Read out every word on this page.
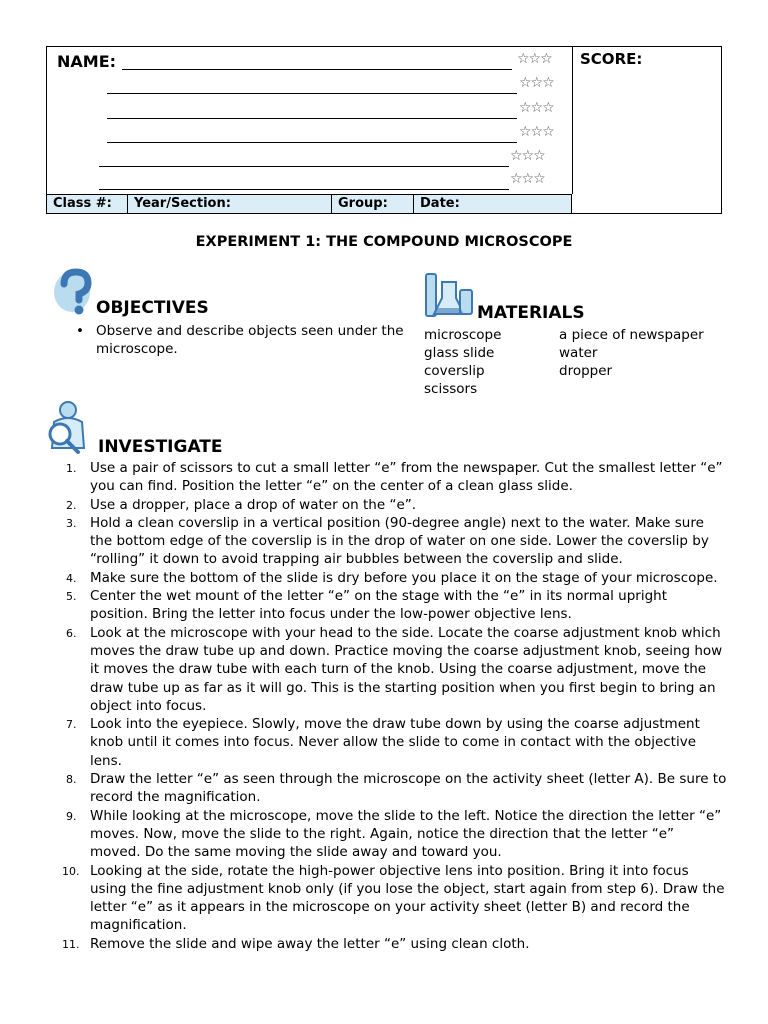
NAME:	☆☆☆
☆☆☆
☆☆☆
☆☆☆
☆☆☆
☆☆☆
Class #:	Year/Section:	Group:	Date:
SCORE:
EXPERIMENT 1: THE COMPOUND MICROSCOPE
OBJECTIVES
• Observe and describe objects seen under the microscope.
MATERIALS
microscope
glass slide
coverslip
scissors
a piece of newspaper
water
dropper
INVESTIGATE
1. Use a pair of scissors to cut a small letter “e” from the newspaper. Cut the smallest letter “e” you can find. Position the letter “e” on the center of a clean glass slide.
2. Use a dropper, place a drop of water on the “e”.
3. Hold a clean coverslip in a vertical position (90-degree angle) next to the water. Make sure the bottom edge of the coverslip is in the drop of water on one side. Lower the coverslip by “rolling” it down to avoid trapping air bubbles between the coverslip and slide.
4. Make sure the bottom of the slide is dry before you place it on the stage of your microscope.
5. Center the wet mount of the letter “e” on the stage with the “e” in its normal upright position. Bring the letter into focus under the low-power objective lens.
6. Look at the microscope with your head to the side. Locate the coarse adjustment knob which moves the draw tube up and down. Practice moving the coarse adjustment knob, seeing how it moves the draw tube with each turn of the knob. Using the coarse adjustment, move the draw tube up as far as it will go. This is the starting position when you first begin to bring an object into focus.
7. Look into the eyepiece. Slowly, move the draw tube down by using the coarse adjustment knob until it comes into focus. Never allow the slide to come in contact with the objective lens.
8. Draw the letter “e” as seen through the microscope on the activity sheet (letter A). Be sure to record the magnification.
9. While looking at the microscope, move the slide to the left. Notice the direction the letter “e” moves. Now, move the slide to the right. Again, notice the direction that the letter “e” moved. Do the same moving the slide away and toward you.
10. Looking at the side, rotate the high-power objective lens into position. Bring it into focus using the fine adjustment knob only (if you lose the object, start again from step 6). Draw the letter “e” as it appears in the microscope on your activity sheet (letter B) and record the magnification.
11. Remove the slide and wipe away the letter “e” using clean cloth.
